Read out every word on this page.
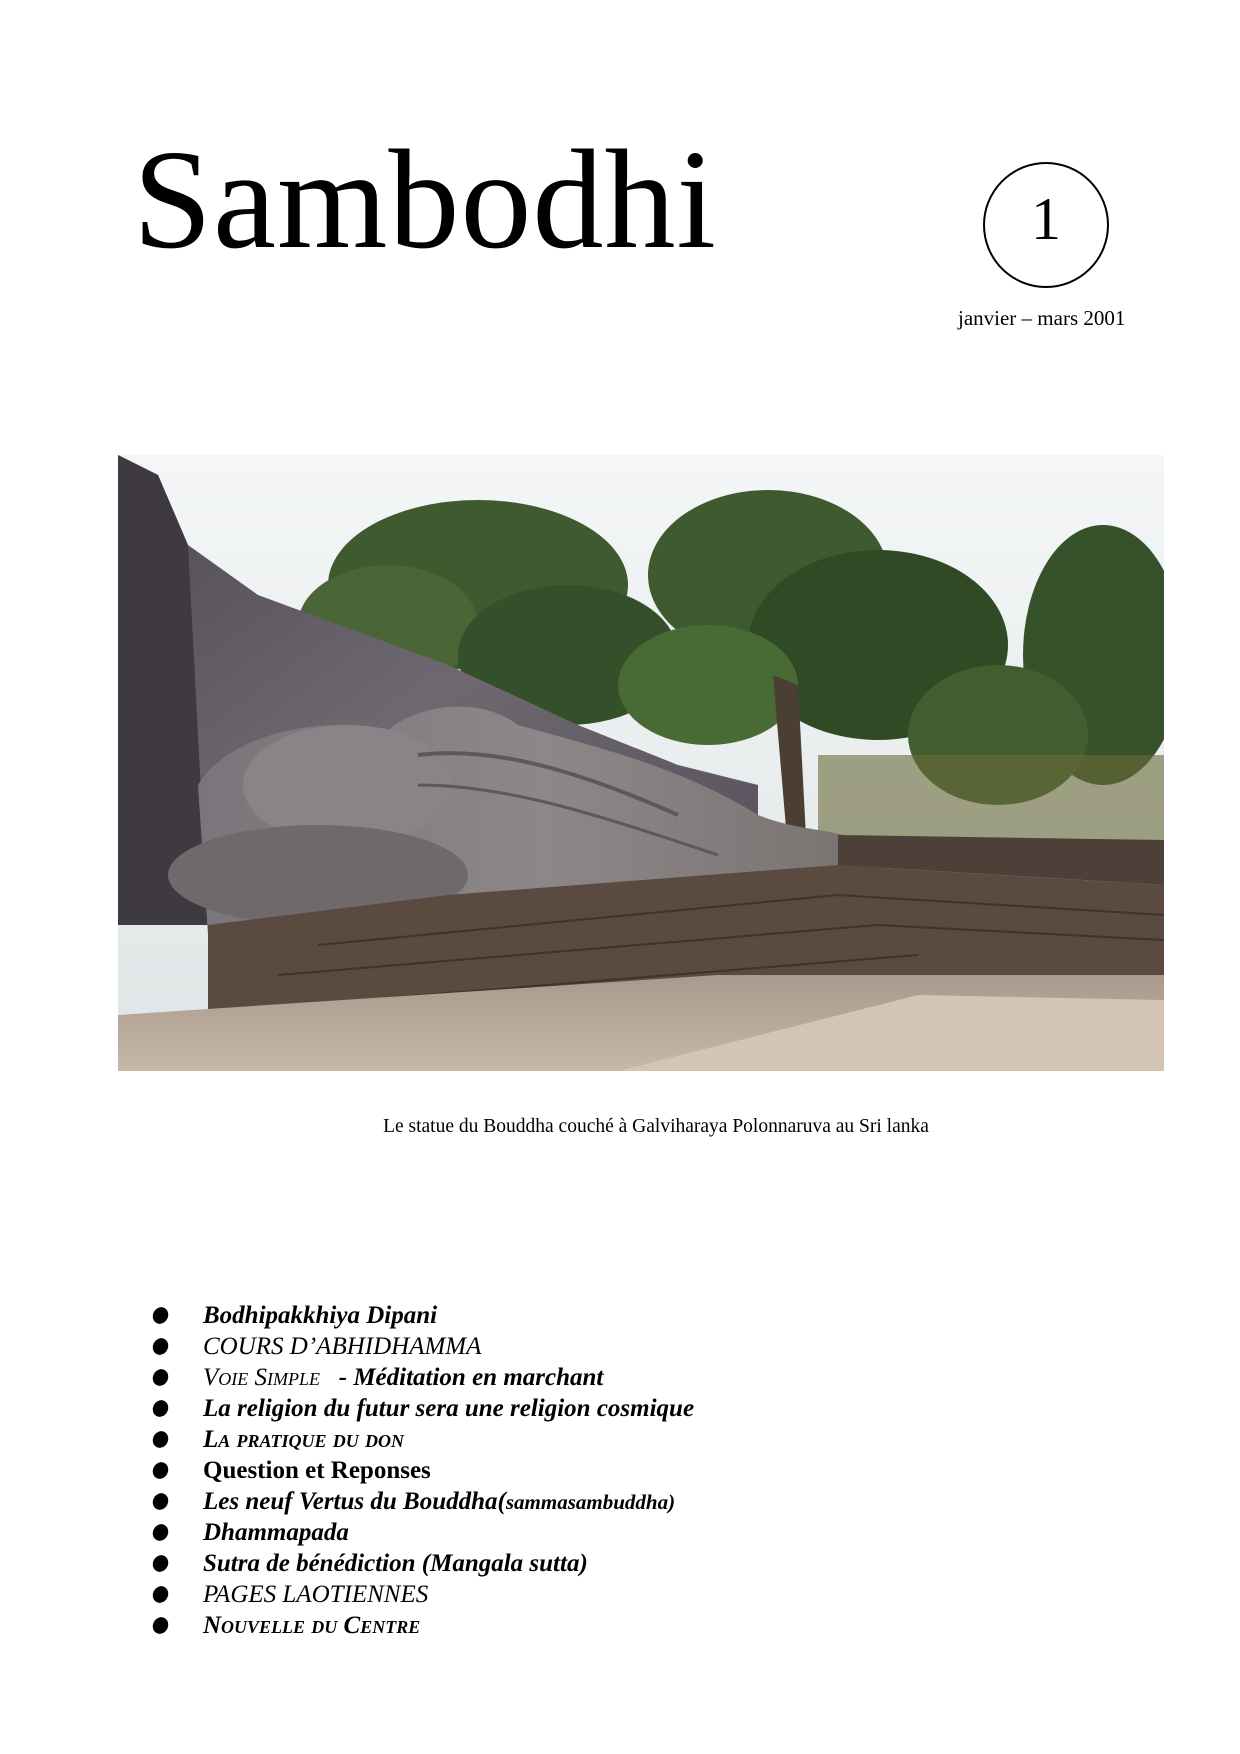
Sambodhi	1
janvier – mars 2001
Le statue du Bouddha couché à Galviharaya Polonnaruva au Sri lanka
Bodhipakkhiya Dipani
COURS D’ABHIDHAMMA
Voie Simple   - Méditation en marchant
La religion du futur sera une religion cosmique
La pratique du don
Question et Reponses
Les neuf Vertus du Bouddha(sammasambuddha)
Dhammapada
Sutra de bénédiction (Mangala sutta)
PAGES LAOTIENNES
Nouvelle du Centre
